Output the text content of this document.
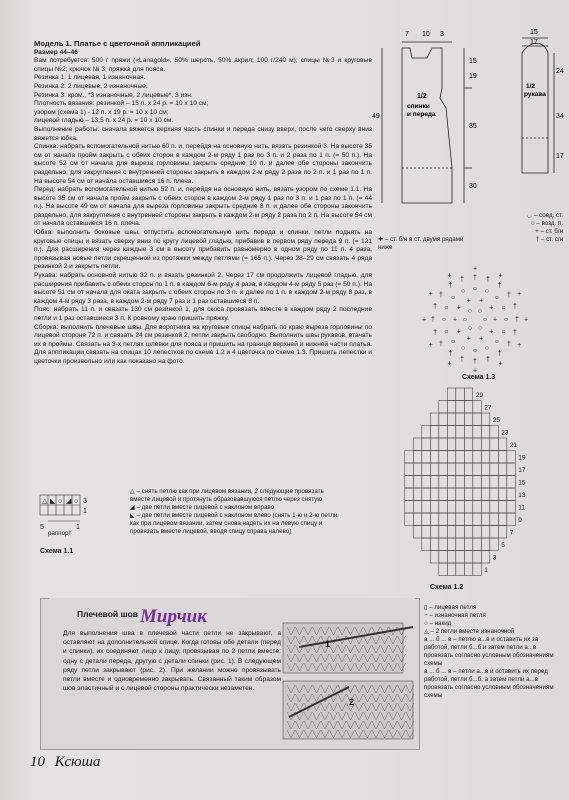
Модель 1. Платье с цветочной аппликацией

Размер 44–46

Вам потребуется: 500 г пряжи («Lanagold», 50% шерсть, 50% акрил; 100 г/240 м); спицы №3 и круговые спицы №2; крючок № 3; пряжка для пояса.

Резинка 1: 1 лицевая, 1 изнаночная.

Резинка 2: 2 лицевые, 2 изнаночные.

Резинка 3: кром., *3 изнаночные, 2 лицевые*, 3 изн.

Плотность вязания: резинкой – 15 п. х 24 р. = 10 х 10 см;

узором (схема 1) - 12 п. х 19 р. = 10 х 10 см;

лицевой гладью – 13,5 п. х 24 р. = 10 х 10 см.

Выполнение работы: сначала вяжется верхняя часть спинки и переда снизу вверх, после чего сверху вниз вяжется юбка.

Спинка: набрать вспомогательной нитью 60 п. и, перейдя на основную нить, вязать резинкой 3. На высоте 35 см от начала пройм закрыть с обеих сторон в каждом 2-м ряду 1 раз по 3 п. и 2 раза по 1 п. (= 50 п.). На высоте 52 см от начала для выреза горловины закрыть средние 10 п. и далее обе стороны закончить раздельно, для закругления с внутренней стороны закрыть в каждом 2-м ряду 2 раза по 2 п. и 1 раз по 1 п. На высоте 54 см от начала оставшиеся 16 п. плеча.

Перед: набрать вспомогательной нитью 52 п. и, перейдя на основную нить, вязать узором по схеме 1.1. На высоте 35 см от начала пройм закрыть с обеих сторон в каждом 2-м ряду 1 раз по 3 п. и 1 раз по 1 п. (= 44 п.). На высоте 49 см от начала для выреза горловины закрыть средние 8 п. и далее обе стороны закончить раздельно, для закругления с внутренней стороны закрыть в каждом 2-м ряду 2 раза по 2 п. На высоте 54 см от начала оставшиеся 16 п. плеча.

Юбка: выполнить боковые швы, отпустить вспомогательную нить переда и спинки, петли поднять на круговые спицы и вязать сверху вниз по кругу лицевой гладью, прибавив в первом ряду переда 9 п. (= 121 п.). Для расширения через каждые 3 см в высоту прибавить равномерно в одном ряду по 11 п. 4 раза, провязывая новые петли скрещенной из протяжки между петлями (= 165 п.). Через 28–29 см связать 4 ряда резинкой 2 и закрыть петли.

Рукава: набрать основной нитью 32 п. и вязать резинкой 2. Через 17 см продолжить лицевой гладью, для расширения прибавить с обеих сторон по 1 п. в каждом 6-м ряду 4 раза, в каждом 4-м ряду 5 раз (= 50 п.). На высоте 51 см от начала для оката закрыть с обеих сторон по 3 п. и далее по 1 п. в каждом 2-м ряду 8 раз, в каждом 4-м ряду 3 раза, в каждом 2-м ряду 7 раз и 1 раз оставшиеся 8 п.

Пояс: набрать 11 п. и связать 130 см резинкой 1, для скоса провязать вместе в каждом ряду 2 последние петли и 1 раз оставшиеся 3 п. К ровному краю пришить пряжку.

Сборка: выполнить плечевые швы. Для воротника на круговые спицы набрать по краю выреза горловины по лицевой стороне 72 п. и связать 24 см резинкой 2, петли закрыть свободно. Выполнить швы рукавов, втачать их в проймы. Связать на 3-х петлях шлевки для пояса и пришить на границе верхней и нижней части платья. Для аппликации связать на спицах 10 лепестков по схеме 1.2 и 4 цветочка по схеме 1.3. Пришить лепестки и цветочки произвольно или как показано на фото.

7 10 3
15
19
49
35
30
1/2
спинки
и переда
15
17
24
34
17
1/2
рукава
◡ – соед. ст.
○ – возд. п.
+ – ст. б/н
✚ – ст. б/н в ст. двумя рядами ниже
† – ст. с/н
○
○
○
○
○ ○
+
+
+
+
+
+
+
+ +
+
○
○
○
○
○
○
○
○
○
○
○
○ ○ ○
○
○
†
†
†
†
†
†
†
†
†
†
†
†
†
†
† † †
†
†
†
+
+
+
+
+
+
+
+
+
+
+
+
Схема 1.3
29
27
25
23
21
19
17
15
13
11
9
7
5
3
1
Схема 1.2
△ ◣ ○ ◢ ○ 3
1
5	1
раппорт
Схема 1.1
△ – снять петлю как при лицевом вязании, 2 следующие провязать вместе лицевой и протянуть образовавшуюся петлю через снятую
◢ – две петли вместе лицевой с наклоном вправо
◣ – две петли вместе лицевой с наклоном влево (снять 1-ю и 2-ю петли как при лицевом вязании, затем снова надеть их на левую спицу и провязать вместе лицевой, вводя спицу справа налево)
▯ – лицевая петля
− – изнаночная петля
○ – накид
◬ – 2 петли вместе изнаночной
а ... б ... в – петлю а...в и оставить их за работой, петли б...б и затем петли а...в провязать согласно условным обозначениям схемы
а ... б ... в – петли а...в и оставить их перед работой, петли б...б, а затем петли а...в провязать согласно условным обозначениям схемы
Плечевой шов
Для выполнения шва в плечевой части петли не закрывают, а оставляют на дополнительной спице. Когда готовы обе детали (перед и спинки), их соединяют лицо к лицу, провязывая по 2 петли вместе: одну с детали переда, другую с детали спинки (рис. 1). В следующем ряду петли закрывают (рис. 2). При желании можно провязывать петли вместе и одновременно закрывать. Связанный таким образом шов эластичный и с лицевой стороны практически незаметен.
1
2
Мирчик
10 Ксюша
